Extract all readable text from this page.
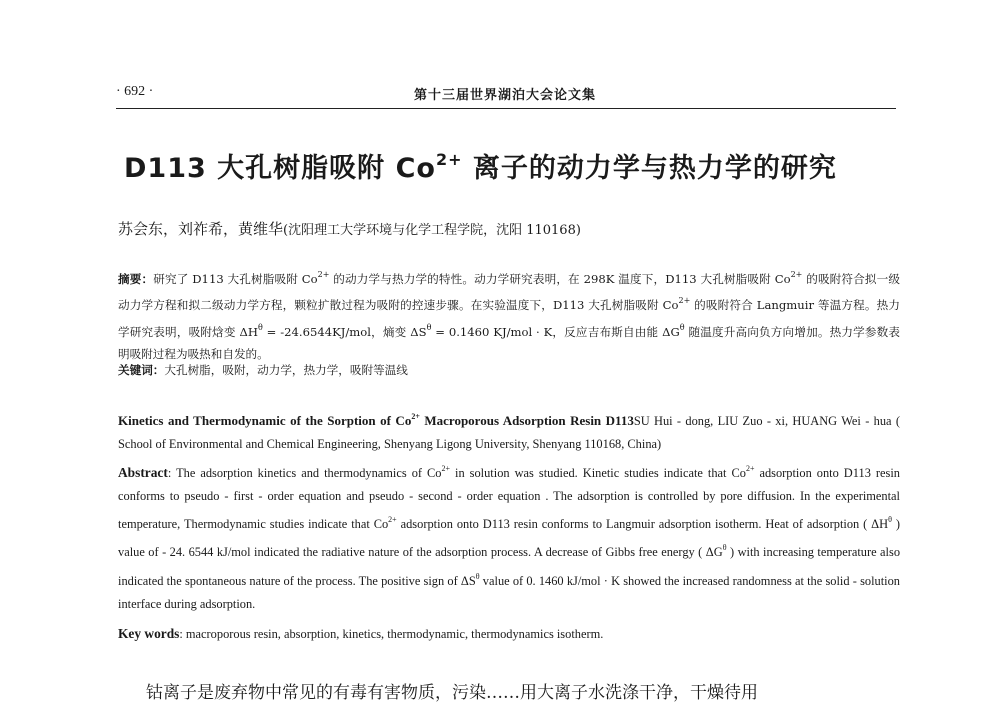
· 692 ·	第十三届世界湖泊大会论文集
D113 大孔树脂吸附 $Co^{2+}$ 离子的动力学与热力学的研究
苏会东，刘祚希，黄维华(沈阳理工大学环境与化学工程学院，沈阳 110168)
摘要：研究了 D113 大孔树脂吸附 $Co^{2+}$ 的动力学与热力学的特性。动力学研究表明，在 298K 温度下，D113 大孔树脂吸附 $Co^{2+}$ 的吸附符合拟一级动力学方程和拟二级动力学方程，颗粒扩散过程为吸附的控速步骤。在实验温度下，D113 大孔树脂吸附 $Co^{2+}$ 的吸附符合 Langmuir 等温方程。热力学研究表明，吸附焓变 $\Delta H^\theta = -24.6544KJ/mol$，熵变 $\Delta S^\theta = 0.1460$ KJ/mol · K，反应吉布斯自由能 $\Delta G^\theta$ 随温度升高向负方向增加。热力学参数表明吸附过程为吸热和自发的。
关键词：大孔树脂，吸附，动力学，热力学，吸附等温线
Kinetics and Thermodynamic of the Sorption of $Co^{2+}$ Macroporous Adsorption Resin D113SU Hui - dong, LIU Zuo - xi, HUANG Wei - hua ( School of Environmental and Chemical Engineering, Shenyang Ligong University, Shenyang 110168, China)
Abstract: The adsorption kinetics and thermodynamics of $Co^{2+}$ in solution was studied. Kinetic studies indicate that $Co^{2+}$ adsorption onto D113 resin conforms to pseudo - first - order equation and pseudo - second - order equation . The adsorption is controlled by pore diffusion. In the experimental temperature, Thermodynamic studies indicate that $Co^{2+}$ adsorption onto D113 resin conforms to Langmuir adsorption isotherm. Heat of adsorption ( $\Delta H^\theta$ ) value of - 24. 6544 kJ/mol indicated the radiative nature of the adsorption process. A decrease of Gibbs free energy ( $\Delta G^\theta$ ) with increasing temperature also indicated the spontaneous nature of the process. The positive sign of $\Delta S^\theta$ value of 0. 1460 kJ/mol · K showed the increased randomness at the solid - solution interface during adsorption.
Key words: macroporous resin, absorption, kinetics, thermodynamic, thermodynamics isotherm.
钴离子是废弃物中常见的有毒有害物质，污染……用大离子水洗涤干净，干燥待用
